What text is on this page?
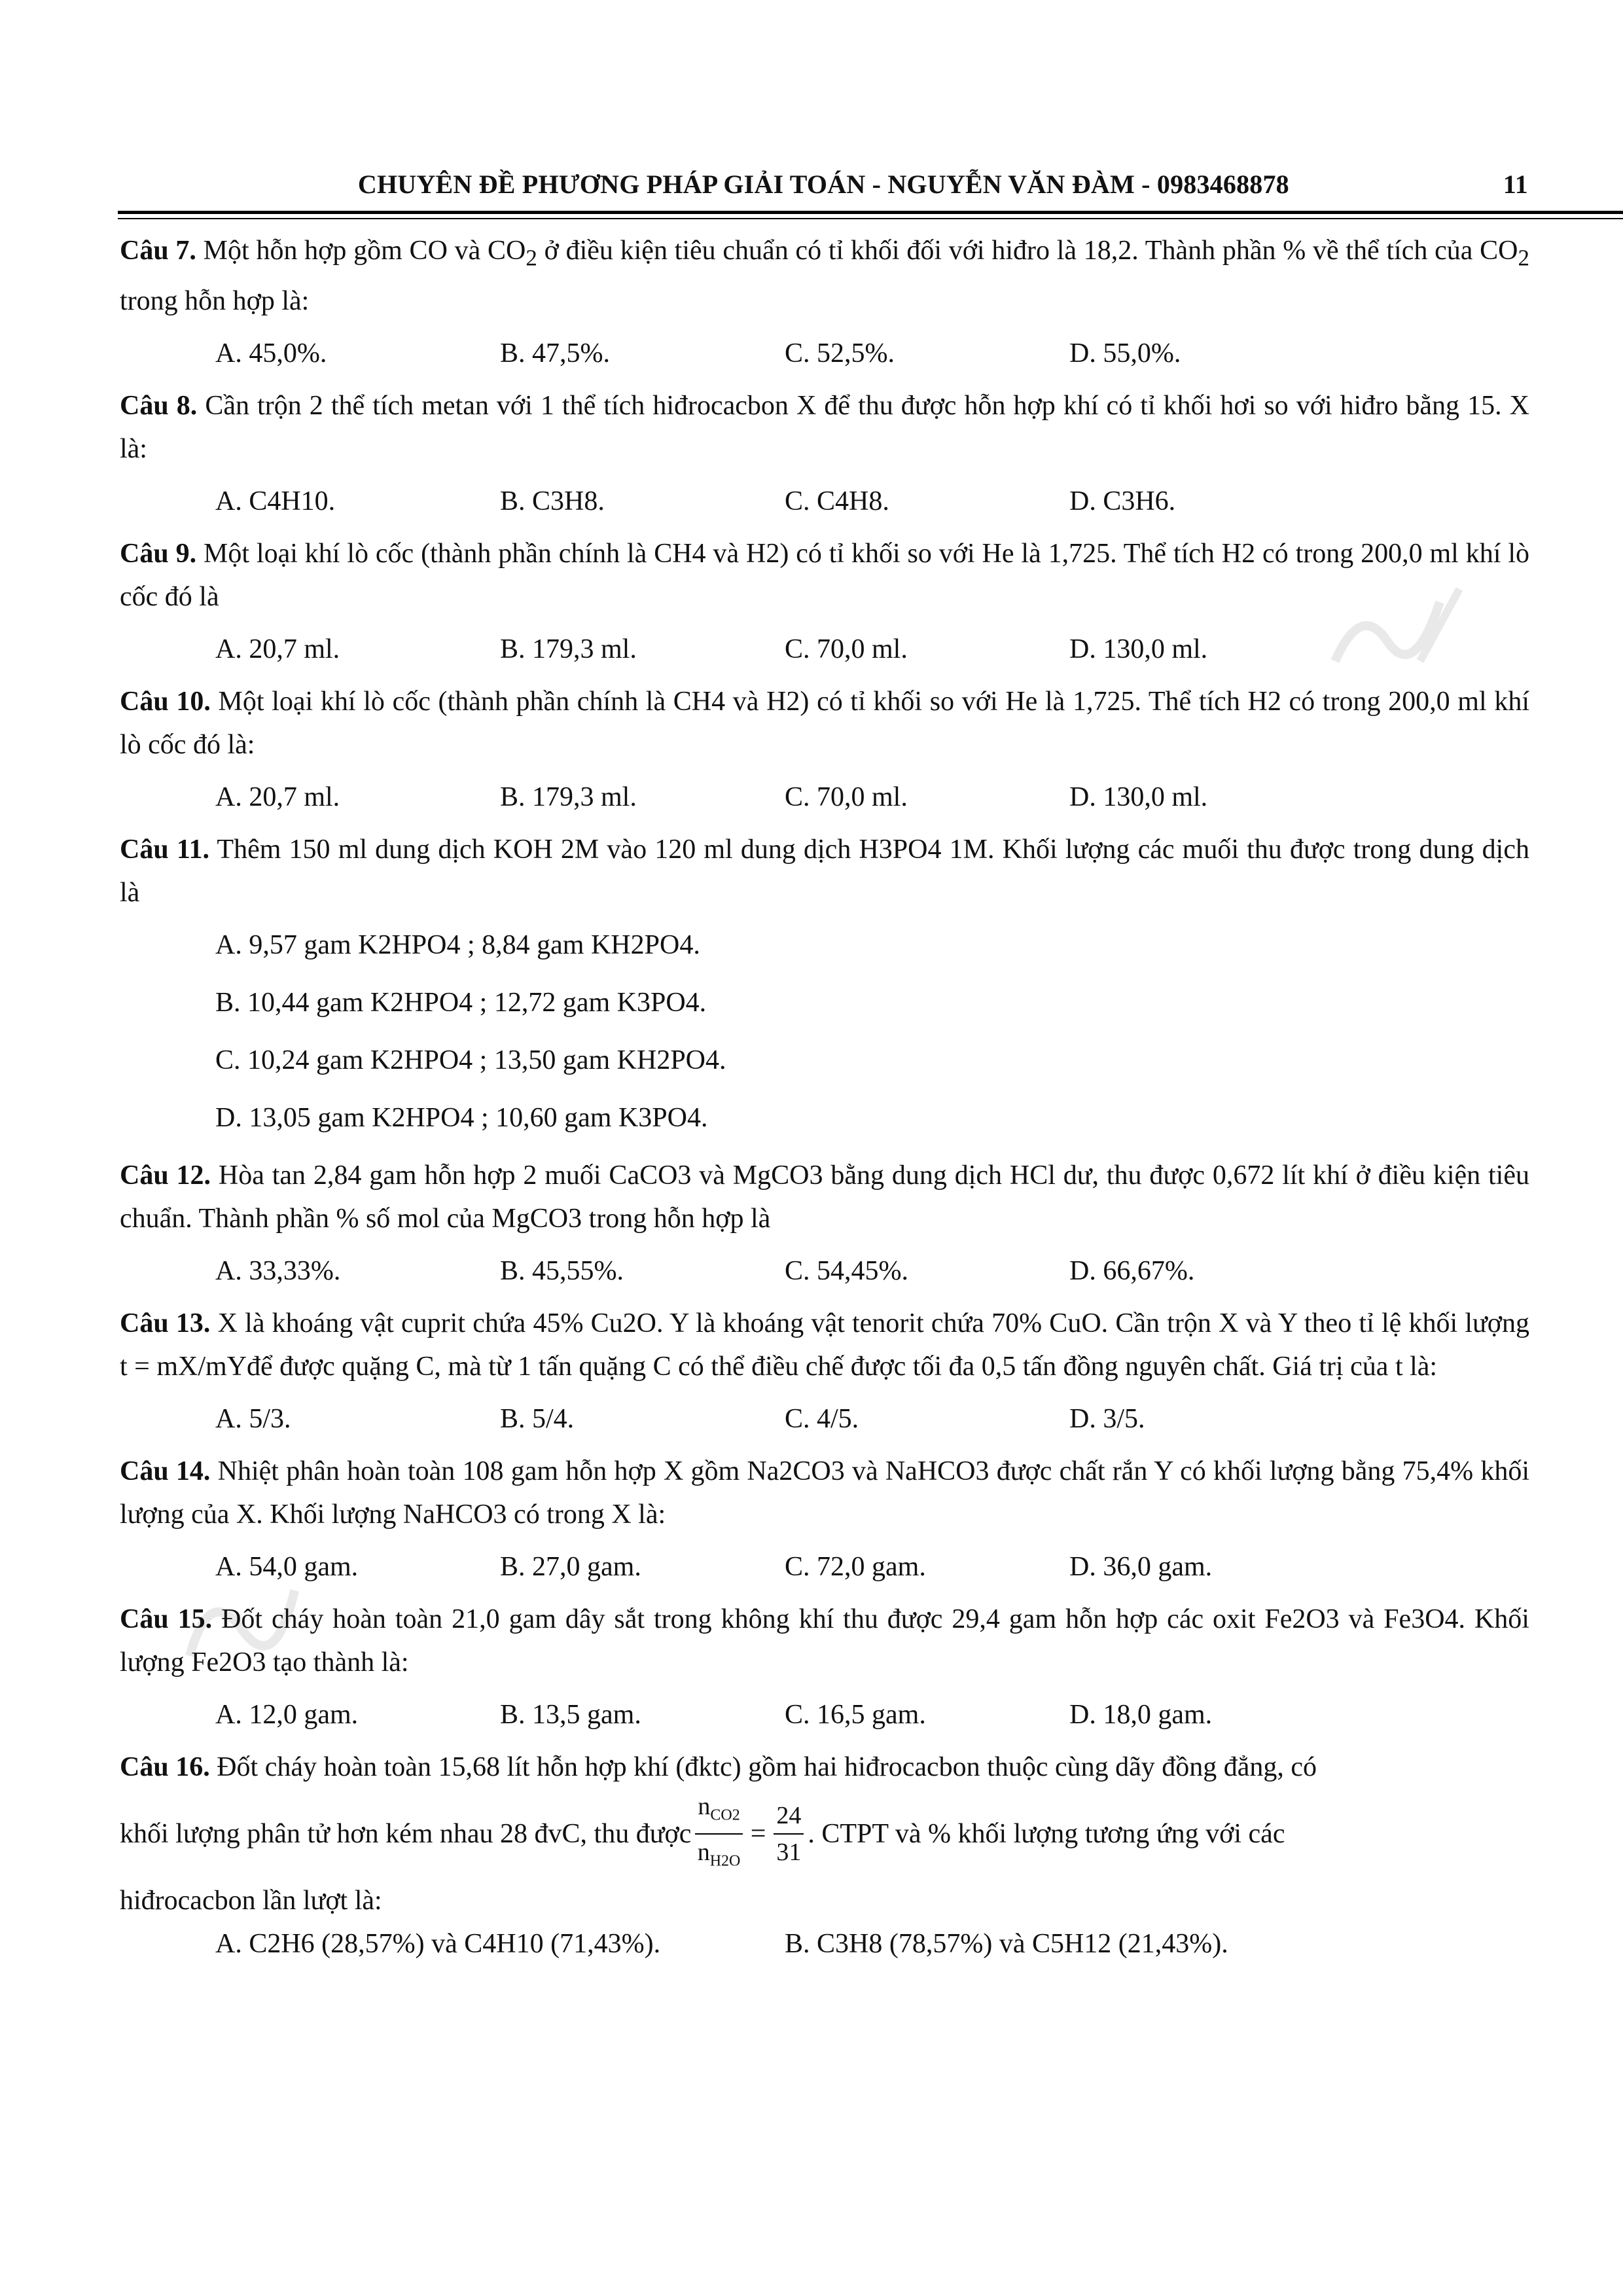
CHUYÊN ĐỀ PHƯƠNG PHÁP GIẢI TOÁN - NGUYỄN VĂN ĐÀM - 0983468878	11
Câu 7. Một hỗn hợp gồm CO và $CO_2$ ở điều kiện tiêu chuẩn có tỉ khối đối với hiđro là 18,2. Thành phần % về thể tích của $CO_2$ trong hỗn hợp là:
A. 45,0%.	B. 47,5%.	C. 52,5%.	D. 55,0%.
Câu 8. Cần trộn 2 thể tích metan với 1 thể tích hiđrocacbon X để thu được hỗn hợp khí có tỉ khối hơi so với hiđro bằng 15. X là:
A. C4H10.	B. C3H8.	C. C4H8.	D. C3H6.
Câu 9. Một loại khí lò cốc (thành phần chính là CH4 và H2) có tỉ khối so với He là 1,725. Thể tích H2 có trong 200,0 ml khí lò cốc đó là
A. 20,7 ml.	B. 179,3 ml.	C. 70,0 ml.	D. 130,0 ml.
Câu 10. Một loại khí lò cốc (thành phần chính là CH4 và H2) có tỉ khối so với He là 1,725. Thể tích H2 có trong 200,0 ml khí lò cốc đó là:
A. 20,7 ml.	B. 179,3 ml.	C. 70,0 ml.	D. 130,0 ml.
Câu 11. Thêm 150 ml dung dịch KOH 2M vào 120 ml dung dịch H3PO4 1M. Khối lượng các muối thu được trong dung dịch là
A. 9,57 gam K2HPO4 ; 8,84 gam KH2PO4.
B. 10,44 gam K2HPO4 ; 12,72 gam K3PO4.
C. 10,24 gam K2HPO4 ; 13,50 gam KH2PO4.
D. 13,05 gam K2HPO4 ; 10,60 gam K3PO4.
Câu 12. Hòa tan 2,84 gam hỗn hợp 2 muối CaCO3 và MgCO3 bằng dung dịch HCl dư, thu được 0,672 lít khí ở điều kiện tiêu chuẩn. Thành phần % số mol của MgCO3 trong hỗn hợp là
A. 33,33%.	B. 45,55%.	C. 54,45%.	D. 66,67%.
Câu 13. X là khoáng vật cuprit chứa 45% Cu2O. Y là khoáng vật tenorit chứa 70% CuO. Cần trộn X và Y theo tỉ lệ khối lượng t = mX/mYđể được quặng C, mà từ 1 tấn quặng C có thể điều chế được tối đa 0,5 tấn đồng nguyên chất. Giá trị của t là:
A. 5/3.	B. 5/4.	C. 4/5.	D. 3/5.
Câu 14. Nhiệt phân hoàn toàn 108 gam hỗn hợp X gồm Na2CO3 và NaHCO3 được chất rắn Y có khối lượng bằng 75,4% khối lượng của X. Khối lượng NaHCO3 có trong X là:
A. 54,0 gam.	B. 27,0 gam.	C. 72,0 gam.	D. 36,0 gam.
Câu 15. Đốt cháy hoàn toàn 21,0 gam dây sắt trong không khí thu được 29,4 gam hỗn hợp các oxit Fe2O3 và Fe3O4. Khối lượng Fe2O3 tạo thành là:
A. 12,0 gam.	B. 13,5 gam.	C. 16,5 gam.	D. 18,0 gam.
Câu 16. Đốt cháy hoàn toàn 15,68 lít hỗn hợp khí (đktc) gồm hai hiđrocacbon thuộc cùng dãy đồng đẳng, có
khối lượng phân tử hơn kém nhau 28 đvC, thu được $\frac{n_{CO2}}{n_{H2O}} = \frac{24}{31}$ . CTPT và % khối lượng tương ứng với các
hiđrocacbon lần lượt là:
A. C2H6 (28,57%) và C4H10 (71,43%).	B. C3H8 (78,57%) và C5H12 (21,43%).
